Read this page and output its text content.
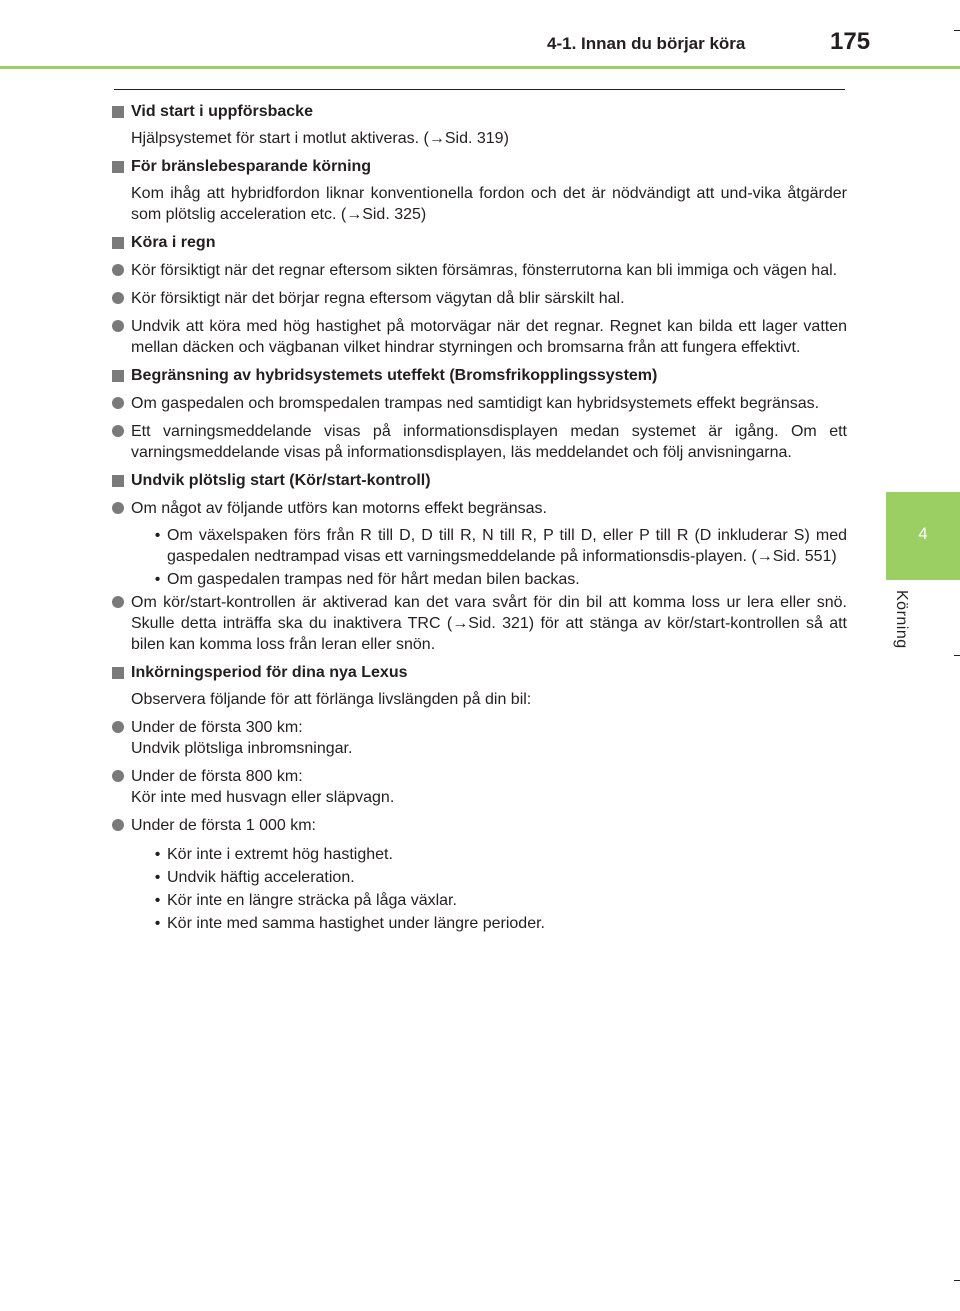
4-1. Innan du börjar köra	175
4
Körning
Vid start i uppförsbacke
Hjälpsystemet för start i motlut aktiveras. (→Sid. 319)
För bränslebesparande körning
Kom ihåg att hybridfordon liknar konventionella fordon och det är nödvändigt att und-vika åtgärder som plötslig acceleration etc. (→Sid. 325)
Köra i regn
Kör försiktigt när det regnar eftersom sikten försämras, fönsterrutorna kan bli immiga och vägen hal.
Kör försiktigt när det börjar regna eftersom vägytan då blir särskilt hal.
Undvik att köra med hög hastighet på motorvägar när det regnar. Regnet kan bilda ett lager vatten mellan däcken och vägbanan vilket hindrar styrningen och bromsarna från att fungera effektivt.
Begränsning av hybridsystemets uteffekt (Bromsfrikopplingssystem)
Om gaspedalen och bromspedalen trampas ned samtidigt kan hybridsystemets effekt begränsas.
Ett varningsmeddelande visas på informationsdisplayen medan systemet är igång. Om ett varningsmeddelande visas på informationsdisplayen, läs meddelandet och följ anvisningarna.
Undvik plötslig start (Kör/start-kontroll)
Om något av följande utförs kan motorns effekt begränsas.
• Om växelspaken förs från R till D, D till R, N till R, P till D, eller P till R (D inkluderar S) med gaspedalen nedtrampad visas ett varningsmeddelande på informationsdis-playen. (→Sid. 551)
• Om gaspedalen trampas ned för hårt medan bilen backas.
Om kör/start-kontrollen är aktiverad kan det vara svårt för din bil att komma loss ur lera eller snö. Skulle detta inträffa ska du inaktivera TRC (→Sid. 321) för att stänga av kör/start-kontrollen så att bilen kan komma loss från leran eller snön.
Inkörningsperiod för dina nya Lexus
Observera följande för att förlänga livslängden på din bil:
Under de första 300 km:
Undvik plötsliga inbromsningar.
Under de första 800 km:
Kör inte med husvagn eller släpvagn.
Under de första 1 000 km:
• Kör inte i extremt hög hastighet.
• Undvik häftig acceleration.
• Kör inte en längre sträcka på låga växlar.
• Kör inte med samma hastighet under längre perioder.
